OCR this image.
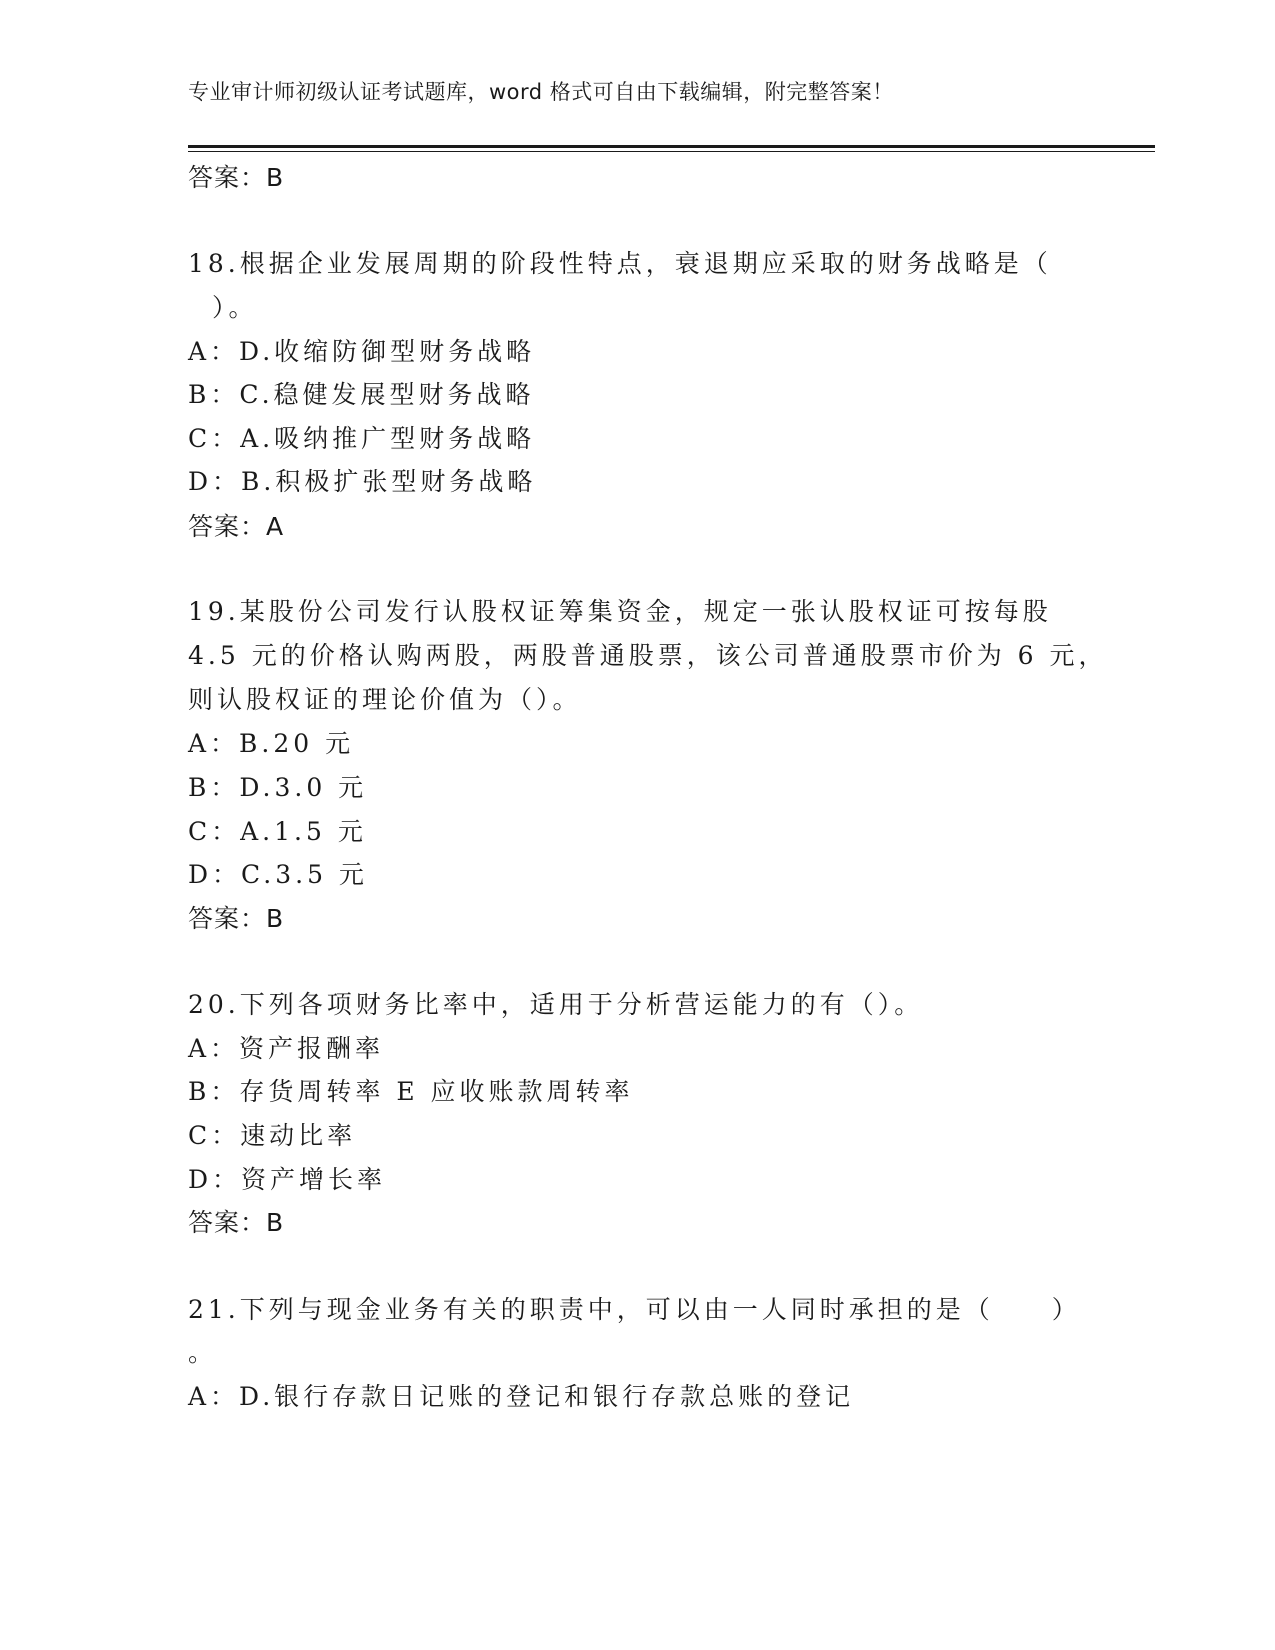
专业审计师初级认证考试题库，word 格式可自由下载编辑，附完整答案！
答案：B
18.根据企业发展周期的阶段性特点，衰退期应采取的财务战略是（
）。
A：D.收缩防御型财务战略
B：C.稳健发展型财务战略
C：A.吸纳推广型财务战略
D：B.积极扩张型财务战略
答案：A
19.某股份公司发行认股权证筹集资金，规定一张认股权证可按每股
4.5 元的价格认购两股，两股普通股票，该公司普通股票市价为 6 元，
则认股权证的理论价值为（）。
A：B.20 元
B：D.3.0 元
C：A.1.5 元
D：C.3.5 元
答案：B
20.下列各项财务比率中，适用于分析营运能力的有（）。
A：资产报酬率
B：存货周转率 E 应收账款周转率
C：速动比率
D：资产增长率
答案：B
21.下列与现金业务有关的职责中，可以由一人同时承担的是（　　）
。
A：D.银行存款日记账的登记和银行存款总账的登记
